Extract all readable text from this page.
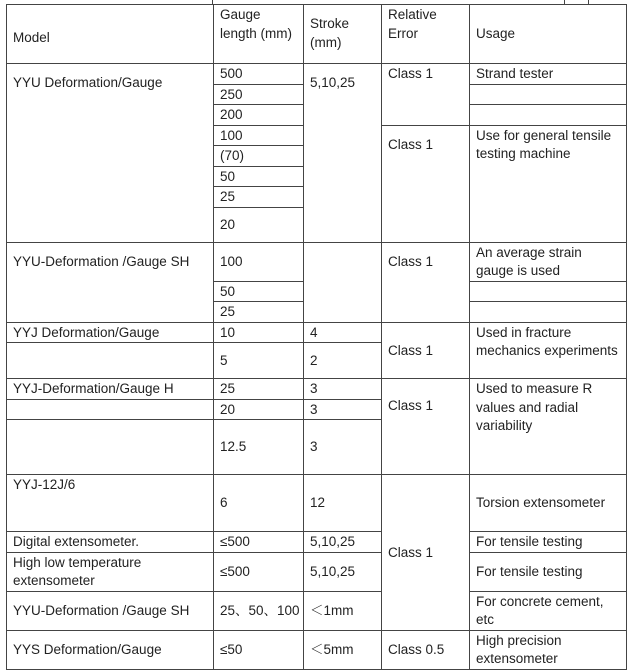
Model	Gauge length (mm)	Stroke (mm)	Relative Error	Usage
YYU Deformation/Gauge	500	5,10,25	Class 1	Strand tester
	250			
	200			
	100		Class 1	Use for general tensile testing machine
	(70)			
	50			
	25			
	20			
YYU-Deformation /Gauge SH	100		Class 1	An average strain gauge is used
	50			
	25			
YYJ Deformation/Gauge	10	4	Class 1	Used in fracture mechanics experiments
	5	2		
YYJ-Deformation/Gauge H	25	3	Class 1	Used to measure R values and radial variability
	20	3		
	12.5	3		
YYJ-12J/6	6	12	Class 1	Torsion extensometer
Digital extensometer.	≤500	5,10,25		For tensile testing
High low temperature extensometer	≤500	5,10,25		For tensile testing
YYU-Deformation /Gauge SH	25、50、100	＜1mm		For concrete cement, etc
YYS Deformation/Gauge	≤50	＜5mm	Class 0.5	High precision extensometer
